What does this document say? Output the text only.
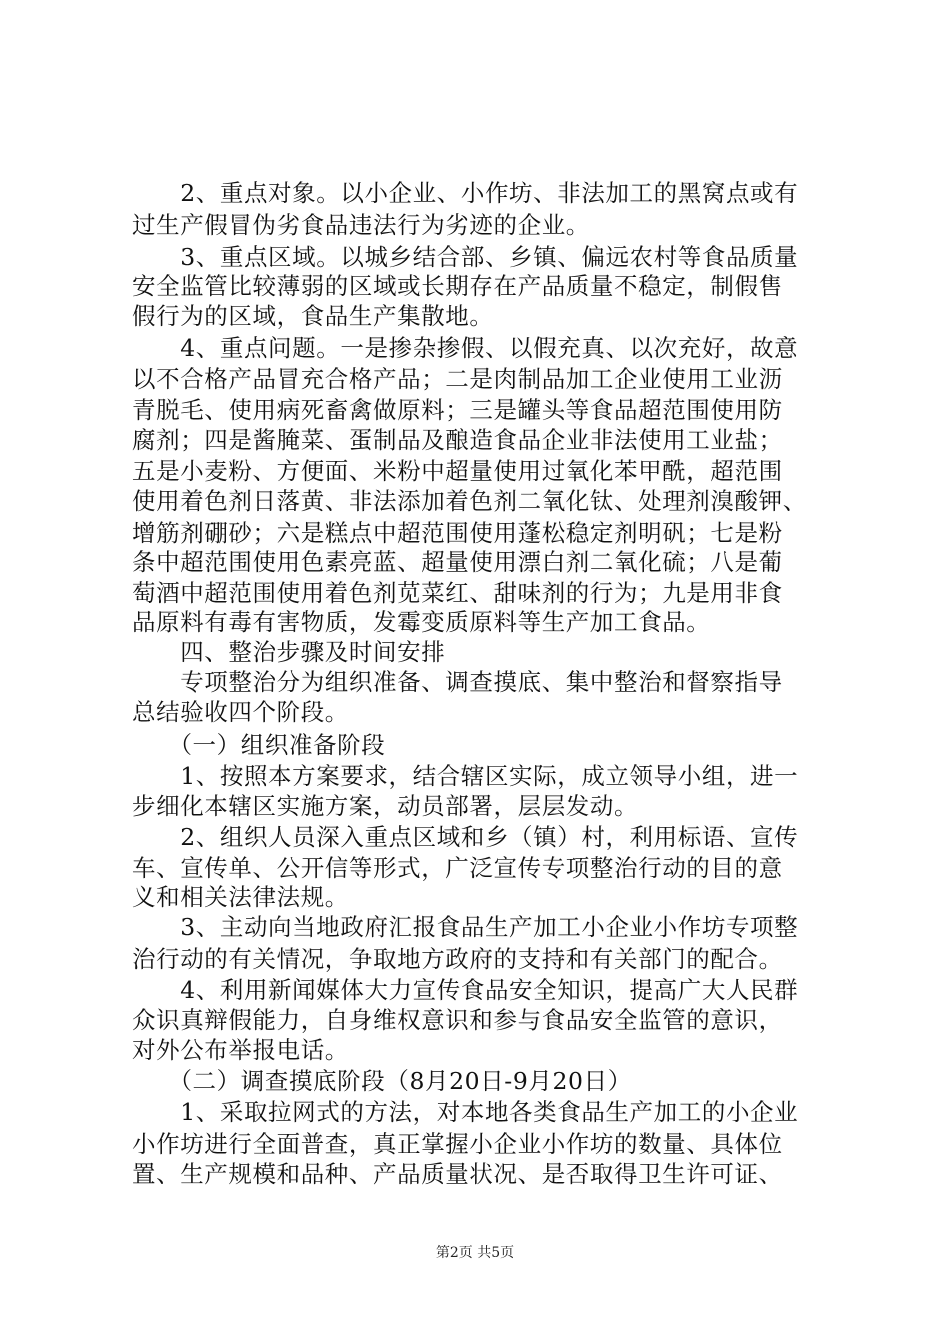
　　2、重点对象。以小企业、小作坊、非法加工的黑窝点或有
过生产假冒伪劣食品违法行为劣迹的企业。
　　3、重点区域。以城乡结合部、乡镇、偏远农村等食品质量
安全监管比较薄弱的区域或长期存在产品质量不稳定，制假售
假行为的区域，食品生产集散地。
　　4、重点问题。一是掺杂掺假、以假充真、以次充好，故意
以不合格产品冒充合格产品；二是肉制品加工企业使用工业沥
青脱毛、使用病死畜禽做原料；三是罐头等食品超范围使用防
腐剂；四是酱腌菜、蛋制品及酿造食品企业非法使用工业盐；
五是小麦粉、方便面、米粉中超量使用过氧化苯甲酰，超范围
使用着色剂日落黄、非法添加着色剂二氧化钛、处理剂溴酸钾、
增筋剂硼砂；六是糕点中超范围使用蓬松稳定剂明矾；七是粉
条中超范围使用色素亮蓝、超量使用漂白剂二氧化硫；八是葡
萄酒中超范围使用着色剂苋菜红、甜味剂的行为；九是用非食
品原料有毒有害物质，发霉变质原料等生产加工食品。
　　四、整治步骤及时间安排
　　专项整治分为组织准备、调查摸底、集中整治和督察指导
总结验收四个阶段。
　　（一）组织准备阶段
　　1、按照本方案要求，结合辖区实际，成立领导小组，进一
步细化本辖区实施方案，动员部署，层层发动。
　　2、组织人员深入重点区域和乡（镇）村，利用标语、宣传
车、宣传单、公开信等形式，广泛宣传专项整治行动的目的意
义和相关法律法规。
　　3、主动向当地政府汇报食品生产加工小企业小作坊专项整
治行动的有关情况，争取地方政府的支持和有关部门的配合。
　　4、利用新闻媒体大力宣传食品安全知识，提高广大人民群
众识真辩假能力，自身维权意识和参与食品安全监管的意识，
对外公布举报电话。
　　（二）调查摸底阶段（8月20日-9月20日）
　　1、采取拉网式的方法，对本地各类食品生产加工的小企业
小作坊进行全面普查，真正掌握小企业小作坊的数量、具体位
置、生产规模和品种、产品质量状况、是否取得卫生许可证、
第2页 共5页
